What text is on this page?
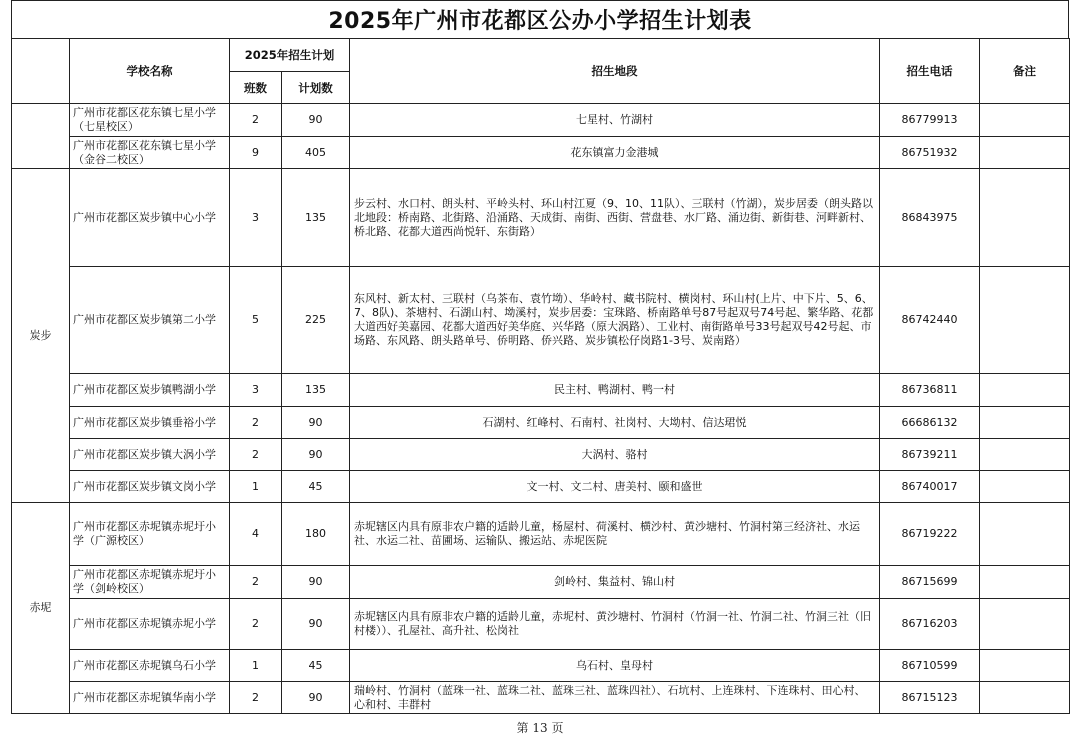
2025年广州市花都区公办小学招生计划表
	学校名称	2025年招生计划		招生地段	招生电话	备注
		班数	计划数			
	广州市花都区花东镇七星小学（七星校区）	2	90	七星村、竹湖村	86779913	
	广州市花都区花东镇七星小学（金谷二校区）	9	405	花东镇富力金港城	86751932	
炭步	广州市花都区炭步镇中心小学	3	135	步云村、水口村、朗头村、平岭头村、环山村江夏（9、10、11队）、三联村（竹湖），炭步居委（朗头路以北地段：桥南路、北街路、沿涌路、天成街、南街、西街、营盘巷、水厂路、涌边街、新街巷、河畔新村、桥北路、花都大道西尚悦轩、东街路）	86843975	
	广州市花都区炭步镇第二小学	5	225	东风村、新太村、三联村（乌茶布、袁竹坳）、华岭村、藏书院村、横岗村、环山村(上片、中下片、5、6、7、8队)、茶塘村、石湖山村、坳溪村，炭步居委：宝珠路、桥南路单号87号起双号74号起、繁华路、花都大道西好美嘉园、花都大道西好美华庭、兴华路（原大涡路）、工业村、南街路单号33号起双号42号起、市场路、东风路、朗头路单号、侨明路、侨兴路、炭步镇松仔岗路1-3号、炭南路）	86742440	
	广州市花都区炭步镇鸭湖小学	3	135	民主村、鸭湖村、鸭一村	86736811	
	广州市花都区炭步镇垂裕小学	2	90	石湖村、红峰村、石南村、社岗村、大坳村、信达珺悦	66686132	
	广州市花都区炭步镇大涡小学	2	90	大涡村、骆村	86739211	
	广州市花都区炭步镇文岗小学	1	45	文一村、文二村、唐美村、颐和盛世	86740017	
赤坭	广州市花都区赤坭镇赤坭圩小学（广源校区）	4	180	赤坭辖区内具有原非农户籍的适龄儿童，杨屋村、荷溪村、横沙村、黄沙塘村、竹洞村第三经济社、水运社、水运二社、苗圃场、运输队、搬运站、赤坭医院	86719222	
	广州市花都区赤坭镇赤坭圩小学（剑岭校区）	2	90	剑岭村、集益村、锦山村	86715699	
	广州市花都区赤坭镇赤坭小学	2	90	赤坭辖区内具有原非农户籍的适龄儿童，赤坭村、黄沙塘村、竹洞村（竹洞一社、竹洞二社、竹洞三社（旧村楼））、孔屋社、高升社、松岗社	86716203	
	广州市花都区赤坭镇乌石小学	1	45	乌石村、皇母村	86710599	
	广州市花都区赤坭镇华南小学	2	90	瑞岭村、竹洞村（蓝珠一社、蓝珠二社、蓝珠三社、蓝珠四社）、石坑村、上连珠村、下连珠村、田心村、心和村、丰群村	86715123	
第 13 页
